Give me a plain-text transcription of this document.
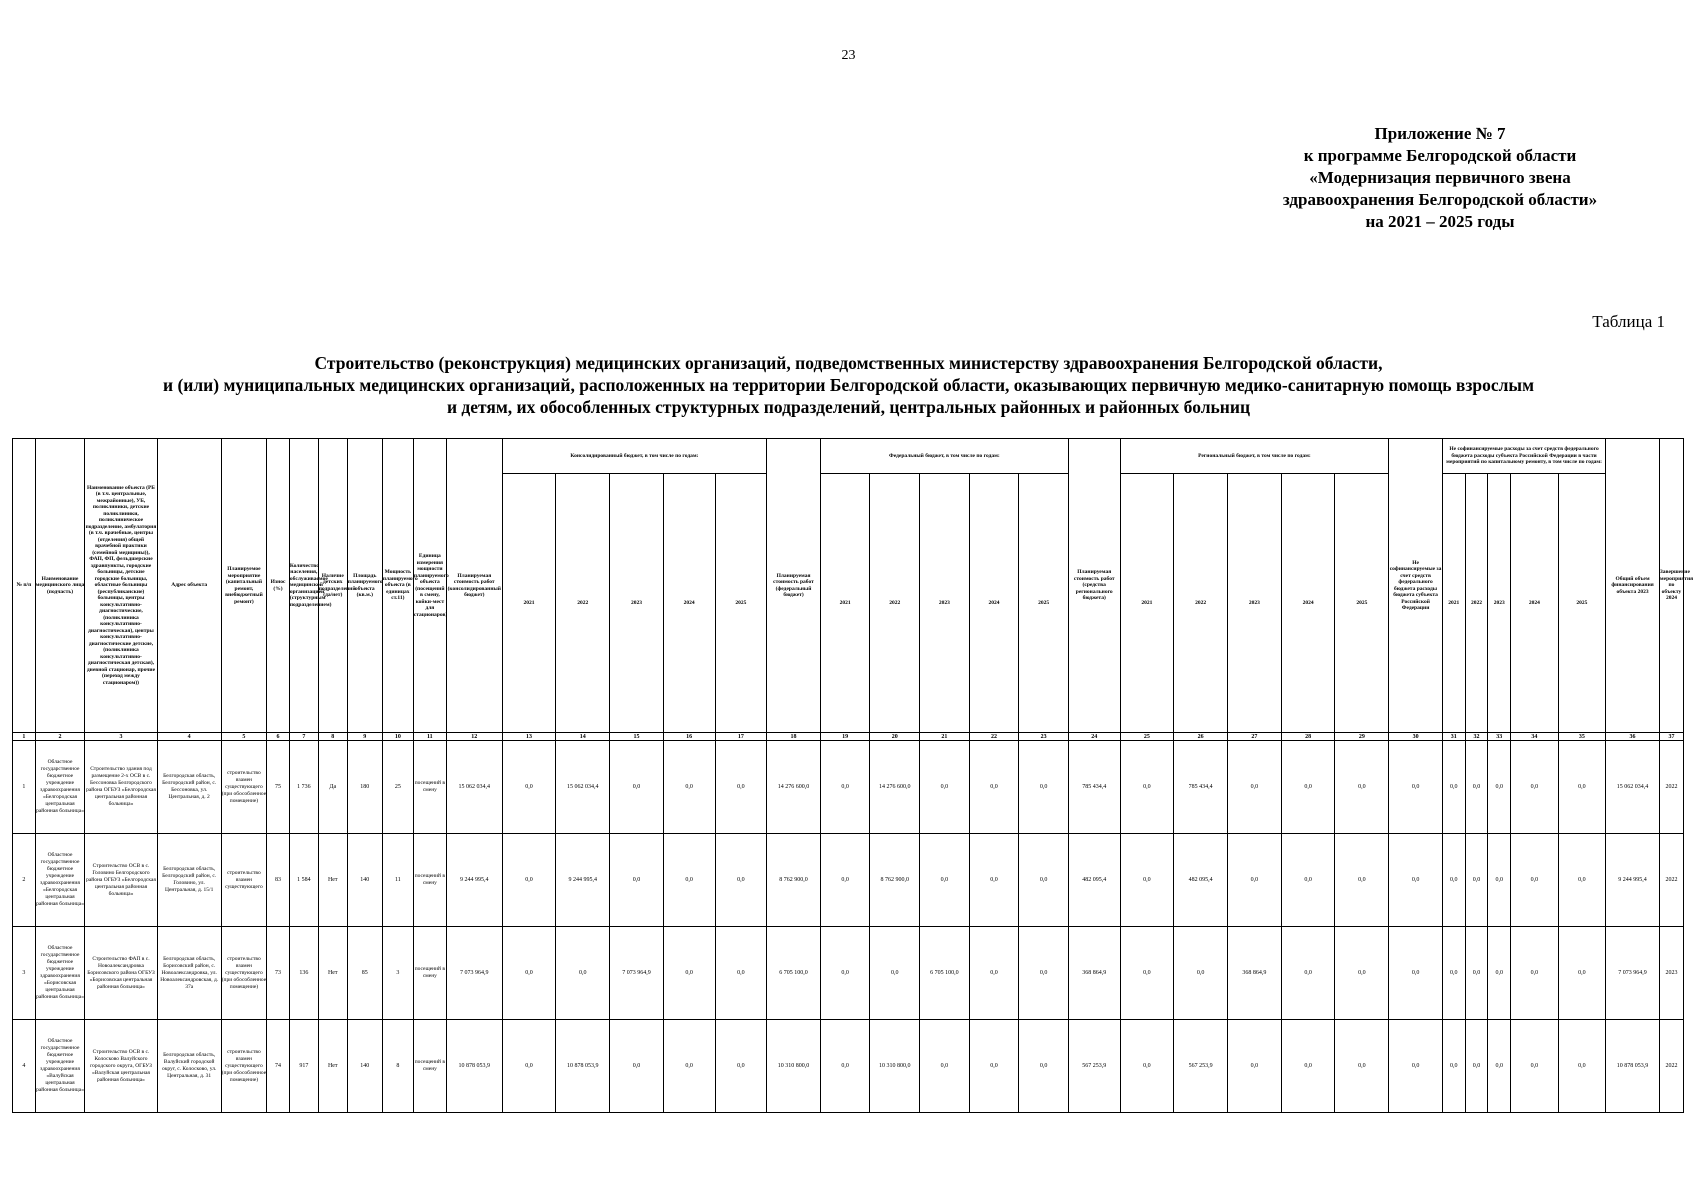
23
Приложение № 7
к программе Белгородской области
«Модернизация первичного звена
здравоохранения Белгородской области»
на 2021 – 2025 годы
Таблица 1
Строительство (реконструкция) медицинских организаций, подведомственных министерству здравоохранения Белгородской области,
и (или) муниципальных медицинских организаций, расположенных на территории Белгородской области, оказывающих первичную медико-санитарную помощь взрослым
и детям, их обособленных структурных подразделений, центральных районных и районных больниц
№ п/п	Наименование медицинского лица (подчасть)	Наименование объекта (РБ (в т.ч. центральные, межрайонные), УБ, поликлиники, детские поликлиники, поликлиническое подразделение, амбулатория (в т.ч. врачебные, центры (отделения) общей врачебной практики (семейной медицины)), ФАП, ФП, фельдшерские здравпункты, городские больницы, детские городские больницы, областные больницы (республиканские) больницы, центры консультативно-диагностические, (поликлиника консультативно-диагностическая), центры консультативно-диагностические детские, (поликлиника консультативно-диагностическая детская), дневной стационар, прочие (переход между стационаром))	Адрес объекта	Планируемое мероприятие (капитальный ремонт, внебюджетный ремонт)	Износ (%)	Количество населения, обслуживаемое медицинской организацией (структурным подразделением)	Наличие детских подразделений (да/нет)	Площадь планируемого объекта (кв.м.)	Мощность планируемого объекта (в единицах ст.11)	Единица измерения мощности планируемого объекта (посещений в смену, койки-мест для стационаров)	Планируемая стоимость работ (консолидированный бюджет)	Консолидированный бюджет, в том числе по годам:					Планируемая стоимость работ (федеральный бюджет)	Федеральный бюджет, в том числе по годам:					Планируемая стоимость работ (средства регионального бюджета)	Региональный бюджет, в том числе по годам:					Не софинансируемые за счет средств федерального бюджета расходы бюджета субъекта Российской Федерации	Не софинансируемые расходы за счет средств федерального бюджета расходы субъекта Российской Федерации в части мероприятий по капитальному ремонту, в том числе по годам:					Общий объем финансирования объекта 2023	Завершение мероприятия по объекту 2024
												2021	2022	2023	2024	2025		2021	2022	2023	2024	2025		2021	2022	2023	2024	2025		2021	2022	2023	2024	2025		
1	2	3	4	5	6	7	8	9	10	11	12	13	14	15	16	17	18	19	20	21	22	23	24	25	26	27	28	29	30	31	32	33	34	35	36	37
1	Областное государственное бюджетное учреждение здравоохранения «Белгородская центральная районная больница»	Строительство здания под размещение 2-х ОСВ в с. Бессоновка Белгородского района ОГБУЗ «Белгородская центральная районная больница»	Белгородская область, Белгородский район, с. Бессоновка, ул. Центральная, д. 2	строительство взамен существующего (при обособленное помещение)	75	1 736	Да	180	25	посещений в смену	15 062 034,4	0,0	15 062 034,4	0,0	0,0	0,0	14 276 600,0	0,0	14 276 600,0	0,0	0,0	0,0	785 434,4	0,0	785 434,4	0,0	0,0	0,0	0,0	0,0	0,0	0,0	0,0	0,0	15 062 034,4	2022
2	Областное государственное бюджетное учреждение здравоохранения «Белгородская центральная районная больница»	Строительство ОСВ в с. Головино Белгородского района ОГБУЗ «Белгородская центральная районная больница»	Белгородская область, Белгородский район, с. Головино, ул. Центральная, д. 15/1	строительство взамен существующего	83	1 584	Нет	140	11	посещений в смену	9 244 995,4	0,0	9 244 995,4	0,0	0,0	0,0	8 762 900,0	0,0	8 762 900,0	0,0	0,0	0,0	482 095,4	0,0	482 095,4	0,0	0,0	0,0	0,0	0,0	0,0	0,0	0,0	0,0	9 244 995,4	2022
3	Областное государственное бюджетное учреждение здравоохранения «Борисовская центральная районная больница»	Строительство ФАП в с. Новоалександровка Борисовского района ОГБУЗ «Борисовская центральная районная больница»	Белгородская область, Борисовский район, с. Новоалександровка, ул. Новоалександровская, д. 37а	строительство взамен существующего (при обособленное помещение)	73	136	Нет	85	3	посещений в смену	7 073 964,9	0,0	0,0	7 073 964,9	0,0	0,0	6 705 100,0	0,0	0,0	6 705 100,0	0,0	0,0	368 864,9	0,0	0,0	368 864,9	0,0	0,0	0,0	0,0	0,0	0,0	0,0	0,0	7 073 964,9	2023
4	Областное государственное бюджетное учреждение здравоохранения «Валуйская центральная районная больница»	Строительство ОСВ в с. Колосково Валуйского городского округа, ОГБУЗ «Валуйская центральная районная больница»	Белгородская область, Валуйский городской округ, с. Колосково, ул. Центральная, д. 31	строительство взамен существующего (при обособленное помещение)	74	917	Нет	140	8	посещений в смену	10 878 053,9	0,0	10 878 053,9	0,0	0,0	0,0	10 310 800,0	0,0	10 310 800,0	0,0	0,0	0,0	567 253,9	0,0	567 253,9	0,0	0,0	0,0	0,0	0,0	0,0	0,0	0,0	0,0	10 878 053,9	2022
